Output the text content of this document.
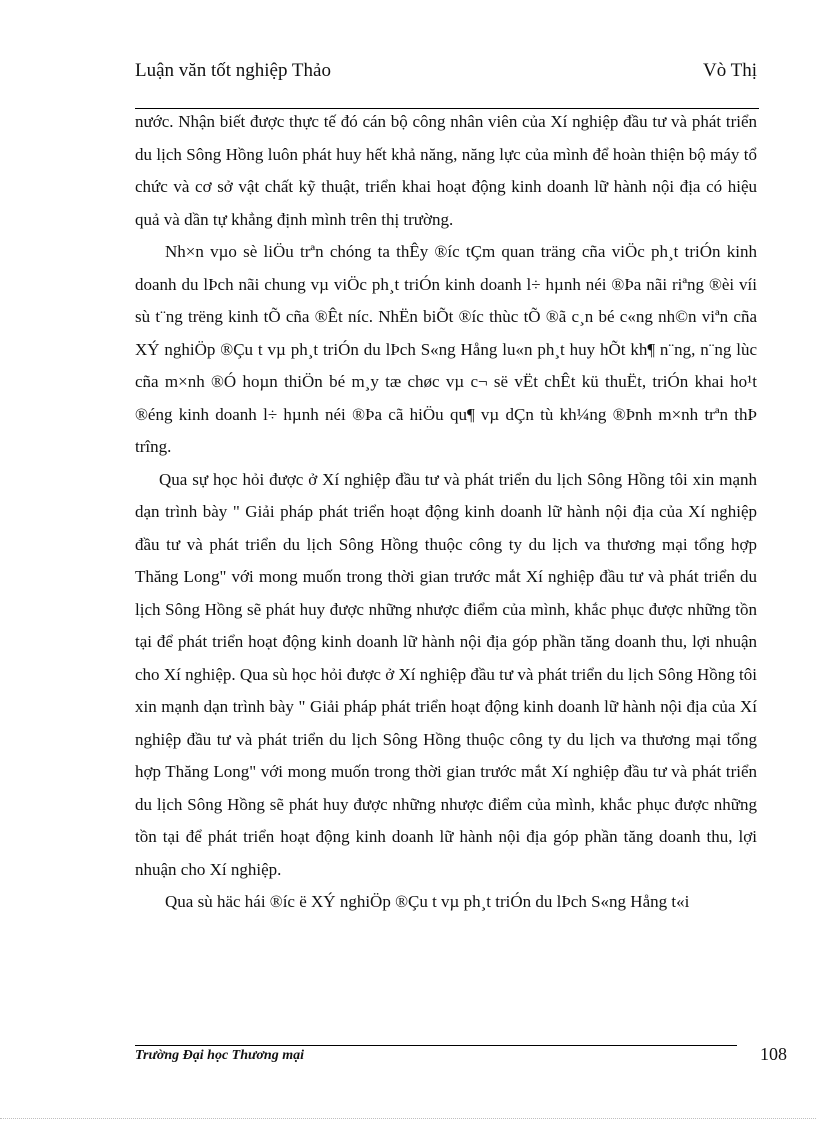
Luận văn tốt nghiệp Thảo	Vò Thị

nước. Nhận biết được thực tế đó cán bộ công nhân viên của Xí nghiệp đầu tư và phát triển du lịch Sông Hồng luôn phát huy hết khả năng, năng lực của mình để hoàn thiện bộ máy tổ chức và cơ sở vật chất kỹ thuật, triển khai hoạt động kinh doanh lữ hành nội địa có hiệu quả và dần tự khẳng định mình trên thị trường.

Nh×n vµo sè liÖu trªn chóng ta thÊy ®íc tÇm quan träng cña viÖc ph¸t triÓn kinh doanh du lÞch nãi chung vµ viÖc ph¸t triÓn kinh doanh l÷ hµnh néi ®Þa nãi riªng ®èi víi sù t¨ng trëng kinh tÕ cña ®Êt níc. NhËn biÕt ®íc thùc tÕ ®ã c¸n bé c«ng nh©n viªn cña XÝ nghiÖp ®Çu t vµ ph¸t triÓn du lÞch S«ng Hång lu«n ph¸t huy hÕt kh¶ n¨ng, n¨ng lùc cña m×nh ®Ó hoµn thiÖn bé m¸y tæ chøc vµ c¬ së vËt chÊt kü thuËt, triÓn khai ho¹t ®éng kinh doanh l÷ hµnh néi ®Þa cã hiÖu qu¶ vµ dÇn tù kh¼ng ®Þnh m×nh trªn thÞ trîng.

Qua sự học hỏi được ở Xí nghiệp đầu tư và phát triển du lịch Sông Hồng tôi xin mạnh dạn trình bày " Giải pháp phát triển hoạt động kinh doanh lữ hành nội địa của Xí nghiệp đầu tư và phát triển du lịch Sông Hồng thuộc công ty du lịch va thương mại tổng hợp Thăng Long" với mong muốn trong thời gian trước mắt Xí nghiệp đầu tư và phát triển du lịch Sông Hồng sẽ phát huy được những nhược điểm của mình, khắc phục được những tồn tại để phát triển hoạt động kinh doanh lữ hành nội địa góp phần tăng doanh thu, lợi nhuận cho Xí nghiệp. Qua sù học hỏi được ở Xí nghiệp đầu tư và phát triển du lịch Sông Hồng tôi xin mạnh dạn trình bày " Giải pháp phát triển hoạt động kinh doanh lữ hành nội địa của Xí nghiệp đầu tư và phát triển du lịch Sông Hồng thuộc công ty du lịch va thương mại tổng hợp Thăng Long" với mong muốn trong thời gian trước mắt Xí nghiệp đầu tư và phát triển du lịch Sông Hồng sẽ phát huy được những nhược điểm của mình, khắc phục được những tồn tại để phát triển hoạt động kinh doanh lữ hành nội địa góp phần tăng doanh thu, lợi nhuận cho Xí nghiệp.

Qua sù häc hái ®íc ë XÝ nghiÖp ®Çu t vµ ph¸t triÓn du lÞch S«ng Hång t«i

Trường Đại học Thương mại	108
